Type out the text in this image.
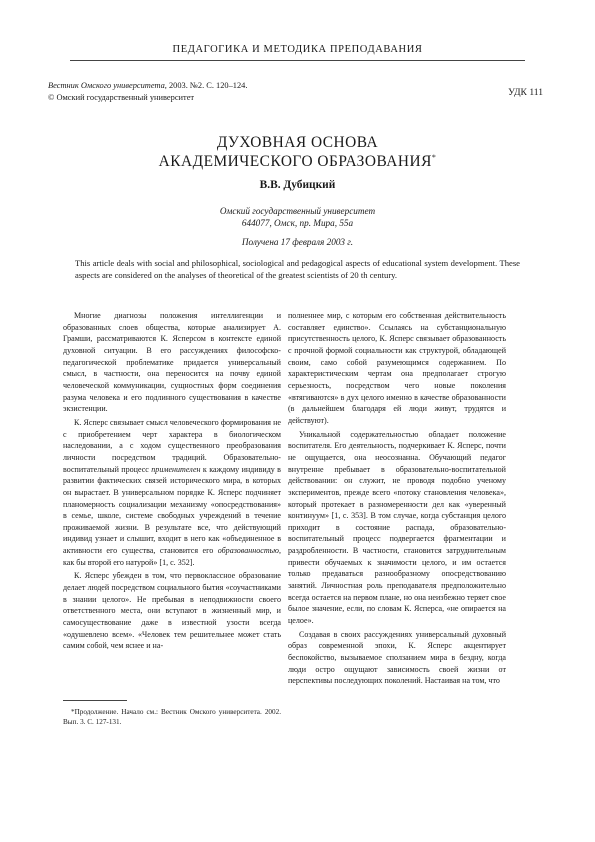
ПЕДАГОГИКА И МЕТОДИКА ПРЕПОДАВАНИЯ
Вестник Омского университета, 2003. №2. С. 120–124.
© Омский государственный университет	УДК 111
ДУХОВНАЯ ОСНОВА
АКАДЕМИЧЕСКОГО ОБРАЗОВАНИЯ*
В.В. Дубицкий
Омский государственный университет
644077, Омск, пр. Мира, 55а
Получена 17 февраля 2003 г.
This article deals with social and philosophical, sociological and pedagogical aspects of educational system development. These aspects are considered on the analyses of theoretical of the greatest scientists of 20 th century.

Многие диагнозы положения интеллигенции и образованных слоев общества, которые анализирует А. Грамши, рассматриваются К. Ясперсом в контексте единой духовной ситуации. В его рассуждениях философско-педагогической проблематике придается универсальный смысл, в частности, она переносится на почву единой человеческой коммуникации, сущностных форм соединения разума человека и его подлинного существования в качестве экзистенции.

К. Ясперс связывает смысл человеческого формирования не с приобретением черт характера в биологическом наследовании, а с ходом существенного преобразования личности посредством традиций. Образовательно-воспитательный процесс применителен к каждому индивиду в развитии фактических связей исторического мира, в которых он вырастает. В универсальном порядке К. Ясперс подчиняет планомерность социализации механизму «опосредствования» в семье, школе, системе свободных учреждений в течение проживаемой жизни. В результате все, что действующий индивид узнает и слышит, входит в него как «объединенное в активности его существа, становится его образованностью, как бы второй его натурой» [1, с. 352].

К. Ясперс убежден в том, что первоклассное образование делает людей посредством социального бытия «соучастниками в знании целого». Не пребывая в неподвижности своего ответственного места, они вступают в жизненный мир, и самосуществование даже в известной узости всегда «одушевлено всем». «Человек тем решительнее может стать самим собой, чем яснее и на-

полненнее мир, с которым его собственная действительность составляет единство». Ссылаясь на субстанциональную присутственность целого, К. Ясперс связывает образованность с прочной формой социальности как структурой, обладающей своим, само собой разумеющимся содержанием. По характеристическим чертам она предполагает строгую серьезность, посредством чего новые поколения «втягиваются» в дух целого именно в качестве образованности (в дальнейшем благодаря ей люди живут, трудятся и действуют).

Уникальной содержательностью обладает положение воспитателя. Его деятельность, подчеркивает К. Ясперс, почти не ощущается, она неосознанна. Обучающий педагог внутренне пребывает в образовательно-воспитательной действовании: он служит, не проводя подобно ученому экспериментов, прежде всего «потоку становления человека», который протекает в разномеренности дел как «уверенный континуум» [1, с. 353]. В том случае, когда субстанция целого приходит в состояние распада, образовательно-воспитательный процесс подвергается фрагментации и раздробленности. В частности, становится затруднительным привести обучаемых к значимости целого, и им остается только предаваться разнообразному опосредствованию занятий. Личностная роль преподавателя предположительно всегда остается на первом плане, но она неизбежно теряет свое былое значение, если, по словам К. Ясперса, «не опирается на целое».

Создавая в своих рассуждениях универсальный духовный образ современной эпохи, К. Ясперс акцентирует беспокойство, вызываемое сползанием мира в бездну, когда люди остро ощущают зависимость своей жизни от перспективы последующих поколений. Настаивая на том, что

*Продолжение. Начало см.: Вестник Омского университета. 2002. Вып. 3. С. 127-131.
